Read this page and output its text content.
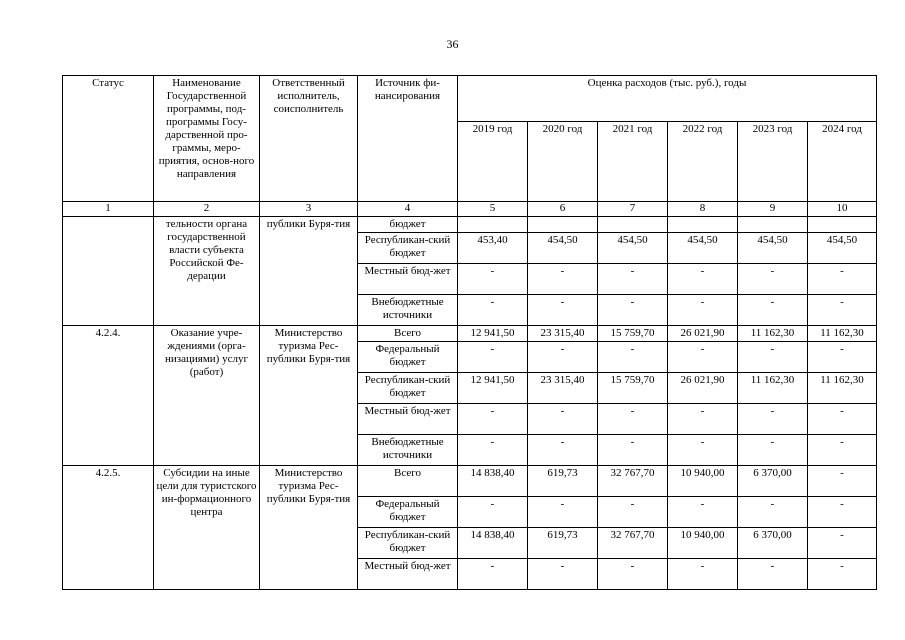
36
Статус	Наименование Государственной программы, под-программы Госу-дарственной про-граммы, меро-приятия, основ-ного направления	Ответственный исполнитель, соисполнитель	Источник фи-нансирования	Оценка расходов (тыс. руб.), годы					
				2019 год	2020 год	2021 год	2022 год	2023 год	2024 год
1	2	3	4	5	6	7	8	9	10
	тельности органа государственной власти субъекта Российской Фе-дерации	публики Буря-тия	бюджет						
			Республикан-ский бюджет	453,40	454,50	454,50	454,50	454,50	454,50
			Местный бюд-жет	-	-	-	-	-	-
			Внебюджетные источники	-	-	-	-	-	-
4.2.4.	Оказание учре-ждениями (орга-низациями) услуг (работ)	Министерство туризма Рес-публики Буря-тия	Всего	12 941,50	23 315,40	15 759,70	26 021,90	11 162,30	11 162,30
			Федеральный бюджет	-	-	-	-	-	-
			Республикан-ский бюджет	12 941,50	23 315,40	15 759,70	26 021,90	11 162,30	11 162,30
			Местный бюд-жет	-	-	-	-	-	-
			Внебюджетные источники	-	-	-	-	-	-
4.2.5.	Субсидии на иные цели для туристского ин-формационного центра	Министерство туризма Рес-публики Буря-тия	Всего	14 838,40	619,73	32 767,70	10 940,00	6 370,00	-
			Федеральный бюджет	-	-	-	-	-	-
			Республикан-ский бюджет	14 838,40	619,73	32 767,70	10 940,00	6 370,00	-
			Местный бюд-жет	-	-	-	-	-	-
